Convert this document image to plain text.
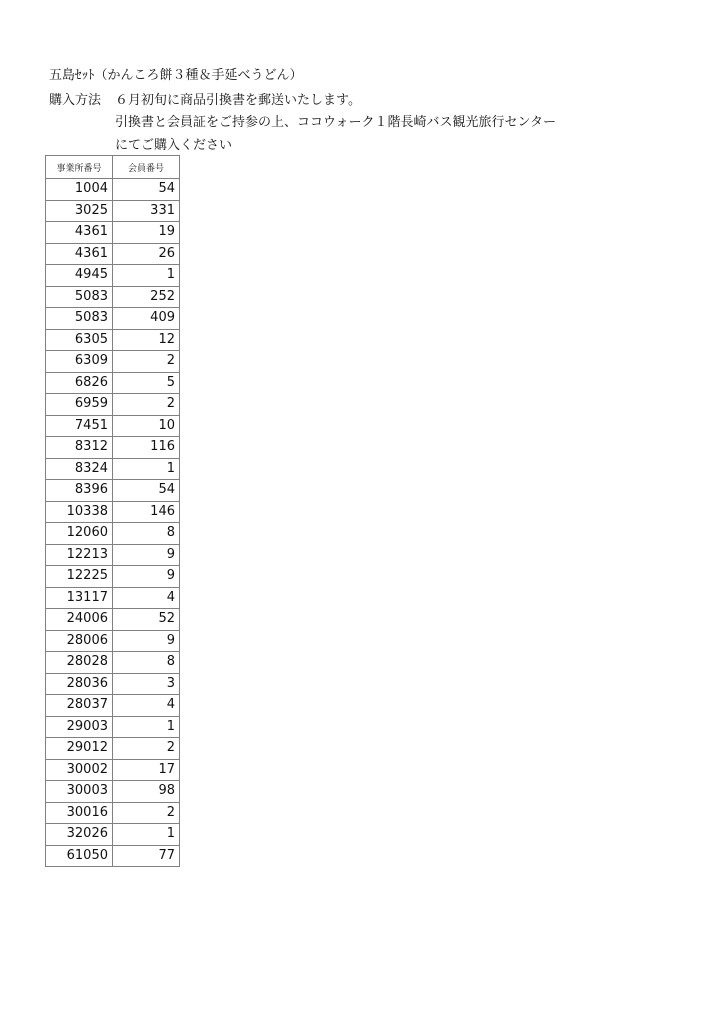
五島ｾｯﾄ（かんころ餅３種＆手延べうどん）
購入方法 ６月初旬に商品引換書を郵送いたします。
引換書と会員証をご持参の上、ココウォーク１階長崎バス観光旅行センター
にてご購入ください
事業所番号	会員番号
1004	54
3025	331
4361	19
4361	26
4945	1
5083	252
5083	409
6305	12
6309	2
6826	5
6959	2
7451	10
8312	116
8324	1
8396	54
10338	146
12060	8
12213	9
12225	9
13117	4
24006	52
28006	9
28028	8
28036	3
28037	4
29003	1
29012	2
30002	17
30003	98
30016	2
32026	1
61050	77
